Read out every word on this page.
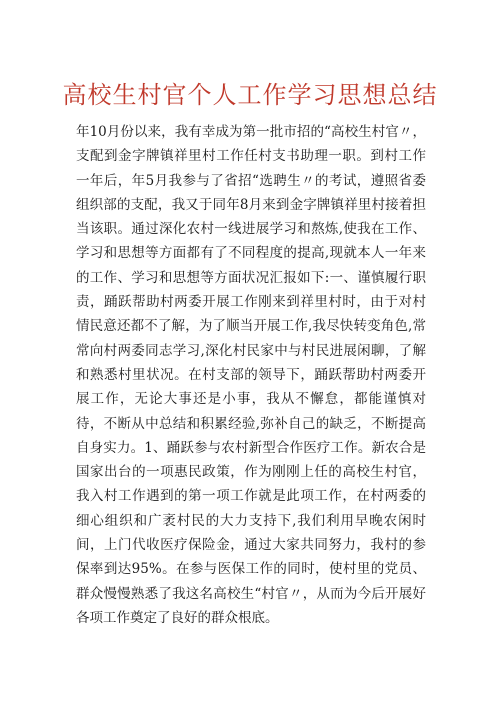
高校生村官个人工作学习思想总结

年10月份以来，我有幸成为第一批市招的“高校生村官〃，支配到金字牌镇祥里村工作任村支书助理一职。到村工作一年后，年5月我参与了省招“选聘生〃的考试，遵照省委组织部的支配，我又于同年8月来到金字牌镇祥里村接着担当该职。通过深化农村一线进展学习和熬炼,使我在工作、学习和思想等方面都有了不同程度的提高,现就本人一年来的工作、学习和思想等方面状况汇报如下:一、谨慎履行职责，踊跃帮助村两委开展工作刚来到祥里村时，由于对村情民意还都不了解，为了顺当开展工作,我尽快转变角色,常常向村两委同志学习,深化村民家中与村民进展闲聊，了解和熟悉村里状况。在村支部的领导下，踊跃帮助村两委开展工作，无论大事还是小事，我从不懈怠，都能谨慎对待，不断从中总结和积累经验,弥补自己的缺乏，不断提高自身实力。1、踊跃参与农村新型合作医疗工作。新农合是国家出台的一项惠民政策，作为刚刚上任的高校生村官，我入村工作遇到的第一项工作就是此项工作，在村两委的细心组织和广袤村民的大力支持下,我们利用早晚农闲时间，上门代收医疗保险金，通过大家共同努力，我村的参保率到达95%。在参与医保工作的同时，使村里的党员、群众慢慢熟悉了我这名高校生“村官〃，从而为今后开展好各项工作奠定了良好的群众根底。
